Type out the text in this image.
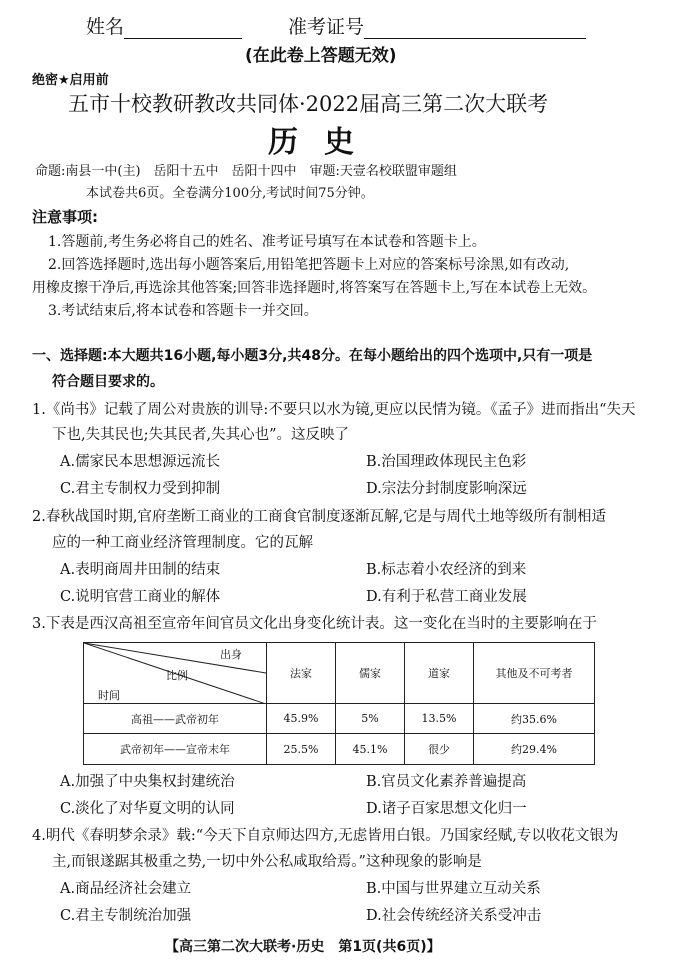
姓名	准考证号
(在此卷上答题无效)
绝密★启用前
五市十校教研教改共同体·2022届高三第二次大联考
历史
命题:南县一中(主)　岳阳十五中　岳阳十四中　审题:天壹名校联盟审题组
本试卷共6页。全卷满分100分,考试时间75分钟。
注意事项:
1.答题前,考生务必将自己的姓名、准考证号填写在本试卷和答题卡上。
2.回答选择题时,选出每小题答案后,用铅笔把答题卡上对应的答案标号涂黑,如有改动,
用橡皮擦干净后,再选涂其他答案;回答非选择题时,将答案写在答题卡上,写在本试卷上无效。
3.考试结束后,将本试卷和答题卡一并交回。
一、选择题:本大题共16小题,每小题3分,共48分。在每小题给出的四个选项中,只有一项是
符合题目要求的。
1.《尚书》记载了周公对贵族的训导:不要只以水为镜,更应以民情为镜。《孟子》进而指出“失天
下也,失其民也;失其民者,失其心也”。这反映了
A.儒家民本思想源远流长	B.治国理政体现民主色彩
C.君主专制权力受到抑制	D.宗法分封制度影响深远
2.春秋战国时期,官府垄断工商业的工商食官制度逐渐瓦解,它是与周代土地等级所有制相适
应的一种工商业经济管理制度。它的瓦解
A.表明商周井田制的结束	B.标志着小农经济的到来
C.说明官营工商业的解体	D.有利于私营工商业发展
3.下表是西汉高祖至宣帝年间官员文化出身变化统计表。这一变化在当时的主要影响在于
出身
比例
时间	法家	儒家	道家	其他及不可考者
高祖——武帝初年	45.9%	5%	13.5%	约35.6%
武帝初年——宣帝末年	25.5%	45.1%	很少	约29.4%
A.加强了中央集权封建统治	B.官员文化素养普遍提高
C.淡化了对华夏文明的认同	D.诸子百家思想文化归一
4.明代《春明梦余录》载:“今天下自京师达四方,无虑皆用白银。乃国家经赋,专以收花文银为
主,而银遂踞其极重之势,一切中外公私咸取给焉。”这种现象的影响是
A.商品经济社会建立	B.中国与世界建立互动关系
C.君主专制统治加强	D.社会传统经济关系受冲击
【高三第二次大联考·历史　第1页(共6页)】
